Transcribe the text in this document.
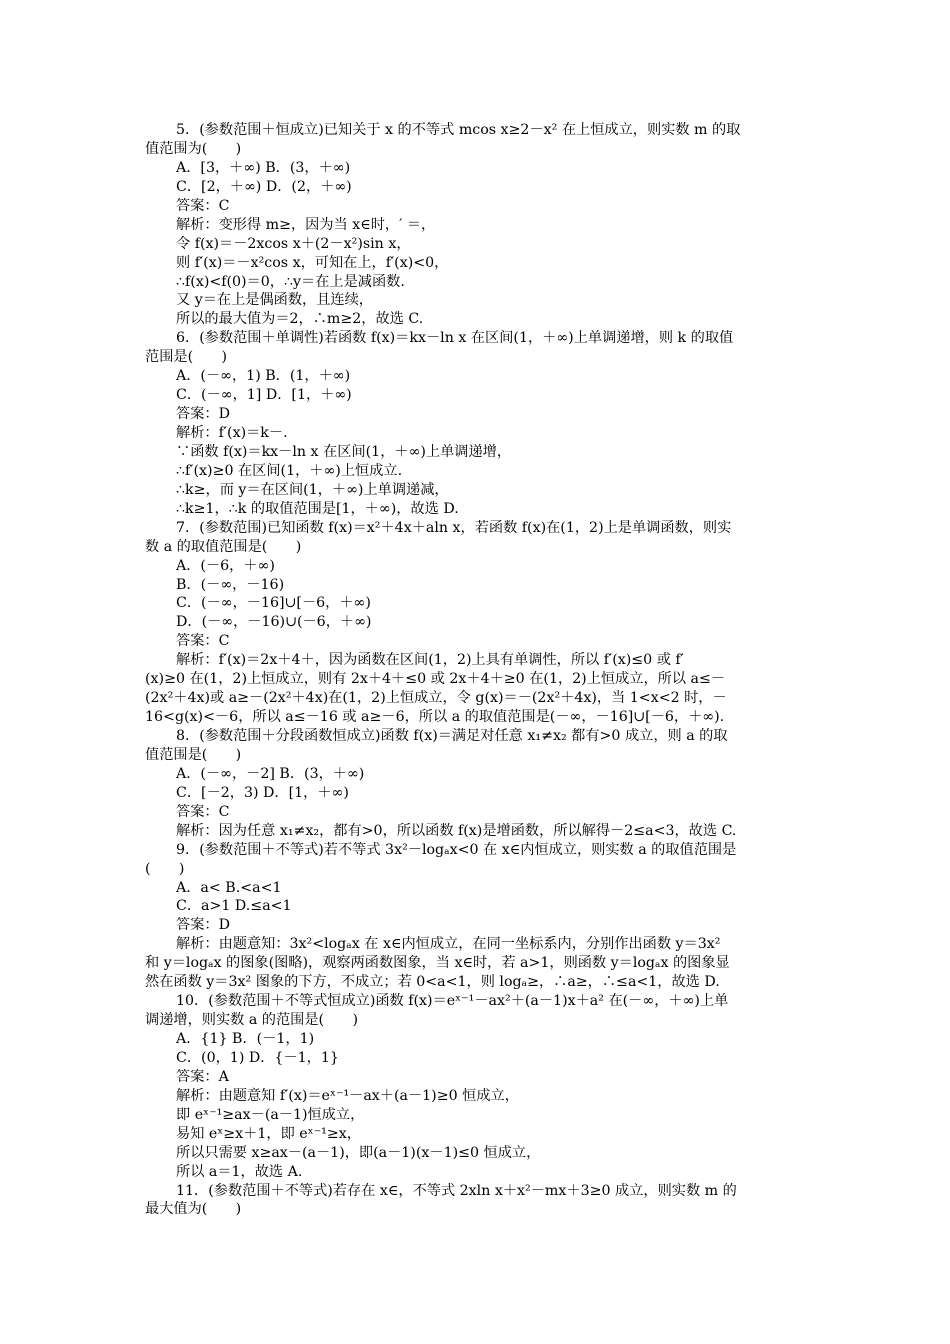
5．(参数范围＋恒成立)已知关于 x 的不等式 mcos x≥2－x² 在上恒成立，则实数 m 的取
值范围为(　　)
A．[3，＋∞) B．(3，＋∞)
C．[2，＋∞) D．(2，＋∞)
答案：C
解析：变形得 m≥，因为当 x∈时，′ ＝，
令 f(x)＝－2xcos x＋(2－x²)sin x，
则 f′(x)＝－x²cos x，可知在上，f′(x)<0，
∴f(x)<f(0)＝0，∴y＝在上是减函数.
又 y＝在上是偶函数，且连续，
所以的最大值为＝2，∴m≥2，故选 C.
6．(参数范围＋单调性)若函数 f(x)＝kx－ln x 在区间(1，＋∞)上单调递增，则 k 的取值
范围是(　　)
A．(－∞，1) B．(1，＋∞)
C．(－∞，1] D．[1，＋∞)
答案：D
解析：f′(x)＝k－.
∵函数 f(x)＝kx－ln x 在区间(1，＋∞)上单调递增，
∴f′(x)≥0 在区间(1，＋∞)上恒成立.
∴k≥，而 y＝在区间(1，＋∞)上单调递减，
∴k≥1，∴k 的取值范围是[1，＋∞)，故选 D.
7．(参数范围)已知函数 f(x)＝x²＋4x＋aln x，若函数 f(x)在(1，2)上是单调函数，则实
数 a 的取值范围是(　　)
A．(－6，＋∞)
B．(－∞，－16)
C．(－∞，－16]∪[－6，＋∞)
D．(－∞，－16)∪(－6，＋∞)
答案：C
解析：f′(x)＝2x＋4＋，因为函数在区间(1，2)上具有单调性，所以 f′(x)≤0 或 f′
(x)≥0 在(1，2)上恒成立，则有 2x＋4＋≤0 或 2x＋4＋≥0 在(1，2)上恒成立，所以 a≤－
(2x²＋4x)或 a≥－(2x²＋4x)在(1，2)上恒成立，令 g(x)＝－(2x²＋4x)，当 1<x<2 时，－
16<g(x)<－6，所以 a≤－16 或 a≥－6，所以 a 的取值范围是(－∞，－16]∪[－6，＋∞).
8．(参数范围＋分段函数恒成立)函数 f(x)＝满足对任意 x₁≠x₂ 都有>0 成立，则 a 的取
值范围是(　　)
A．(－∞，－2] B．(3，＋∞)
C．[－2，3) D．[1，＋∞)
答案：C
解析：因为任意 x₁≠x₂，都有>0，所以函数 f(x)是增函数，所以解得－2≤a<3，故选 C.
9．(参数范围＋不等式)若不等式 3x²－logₐx<0 在 x∈内恒成立，则实数 a 的取值范围是
(　　)
A．a< B.<a<1
C．a>1 D.≤a<1
答案：D
解析：由题意知：3x²<logₐx 在 x∈内恒成立，在同一坐标系内，分别作出函数 y＝3x²
和 y＝logₐx 的图象(图略)，观察两函数图象，当 x∈时，若 a>1，则函数 y＝logₐx 的图象显
然在函数 y＝3x² 图象的下方，不成立；若 0<a<1，则 logₐ≥，∴a≥，∴≤a<1，故选 D.
10．(参数范围＋不等式恒成立)函数 f(x)＝eˣ⁻¹－ax²＋(a－1)x＋a² 在(－∞，＋∞)上单
调递增，则实数 a 的范围是(　　)
A．{1} B．(－1，1)
C．(0，1) D．{－1，1}
答案：A
解析：由题意知 f′(x)＝eˣ⁻¹－ax＋(a－1)≥0 恒成立，
即 eˣ⁻¹≥ax－(a－1)恒成立，
易知 eˣ≥x＋1，即 eˣ⁻¹≥x，
所以只需要 x≥ax－(a－1)，即(a－1)(x－1)≤0 恒成立，
所以 a＝1，故选 A.
11．(参数范围＋不等式)若存在 x∈，不等式 2xln x＋x²－mx＋3≥0 成立，则实数 m 的
最大值为(　　)
